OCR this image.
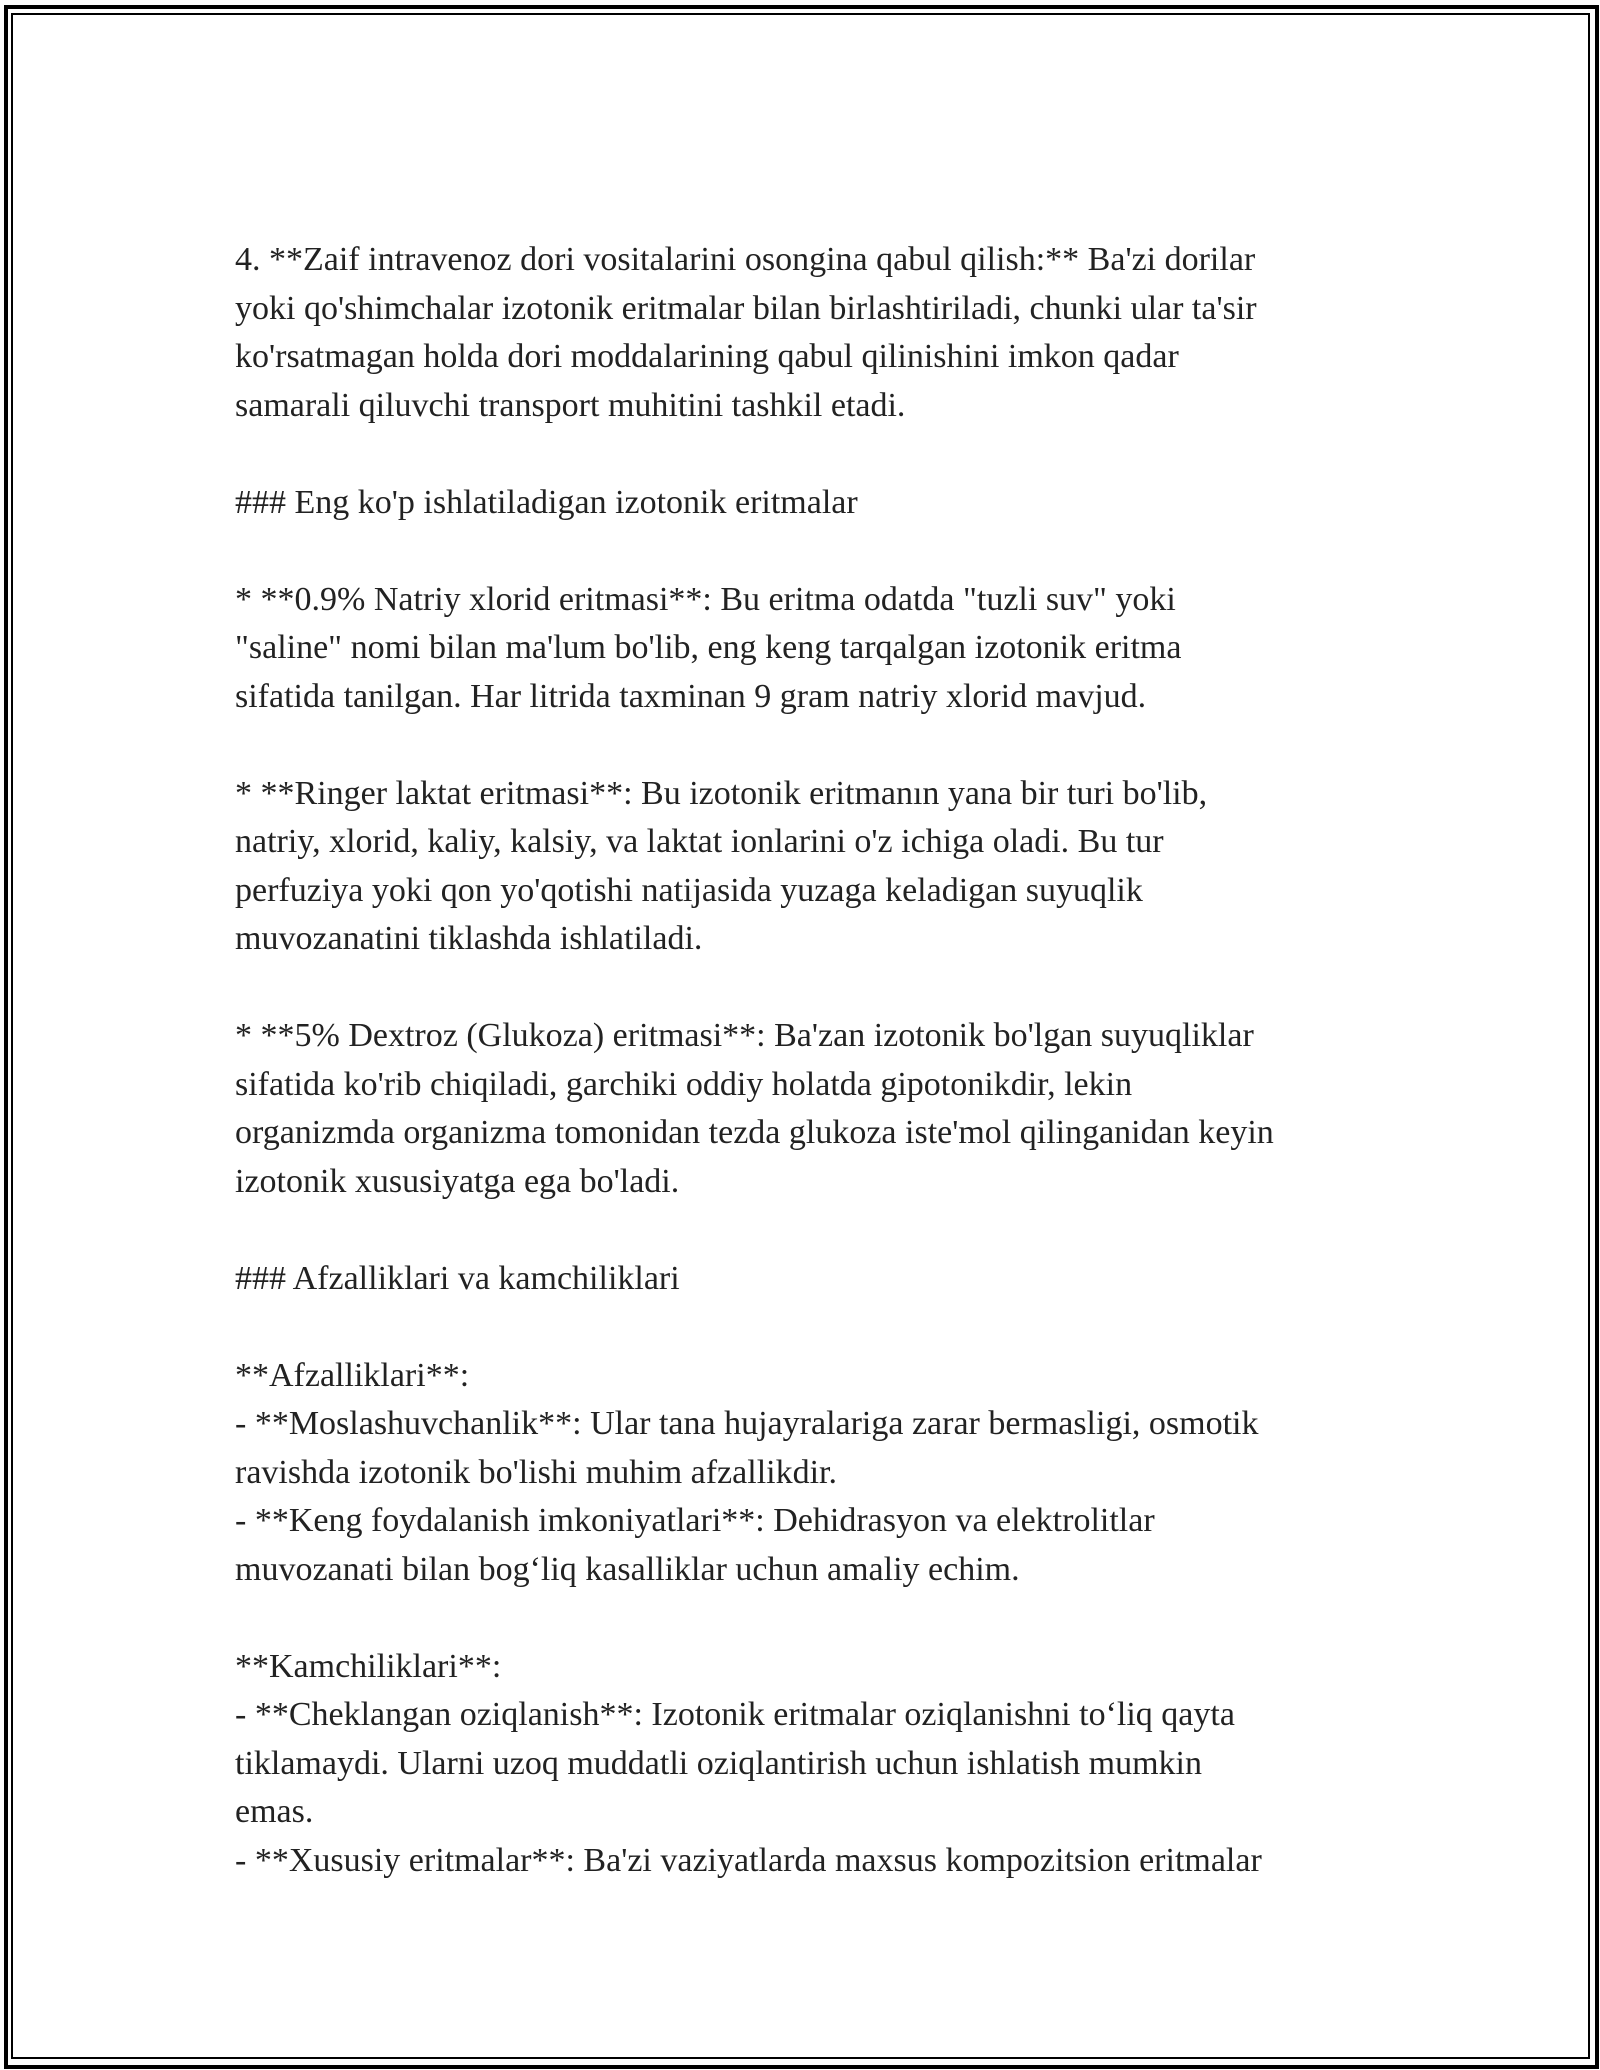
4. **Zaif intravenoz dori vositalarini osongina qabul qilish:** Ba'zi dorilar
yoki qo'shimchalar izotonik eritmalar bilan birlashtiriladi, chunki ular ta'sir
ko'rsatmagan holda dori moddalarining qabul qilinishini imkon qadar
samarali qiluvchi transport muhitini tashkil etadi.
### Eng ko'p ishlatiladigan izotonik eritmalar
* **0.9% Natriy xlorid eritmasi**: Bu eritma odatda "tuzli suv" yoki
"saline" nomi bilan ma'lum bo'lib, eng keng tarqalgan izotonik eritma
sifatida tanilgan. Har litrida taxminan 9 gram natriy xlorid mavjud.
* **Ringer laktat eritmasi**: Bu izotonik eritmanın yana bir turi bo'lib,
natriy, xlorid, kaliy, kalsiy, va laktat ionlarini o'z ichiga oladi. Bu tur
perfuziya yoki qon yo'qotishi natijasida yuzaga keladigan suyuqlik
muvozanatini tiklashda ishlatiladi.
* **5% Dextroz (Glukoza) eritmasi**: Ba'zan izotonik bo'lgan suyuqliklar
sifatida ko'rib chiqiladi, garchiki oddiy holatda gipotonikdir, lekin
organizmda organizma tomonidan tezda glukoza iste'mol qilinganidan keyin
izotonik xususiyatga ega bo'ladi.
### Afzalliklari va kamchiliklari
**Afzalliklari**:
- **Moslashuvchanlik**: Ular tana hujayralariga zarar bermasligi, osmotik
ravishda izotonik bo'lishi muhim afzallikdir.
- **Keng foydalanish imkoniyatlari**: Dehidrasyon va elektrolitlar
muvozanati bilan bog‘liq kasalliklar uchun amaliy echim.
**Kamchiliklari**:
- **Cheklangan oziqlanish**: Izotonik eritmalar oziqlanishni to‘liq qayta
tiklamaydi. Ularni uzoq muddatli oziqlantirish uchun ishlatish mumkin
emas.
- **Xususiy eritmalar**: Ba'zi vaziyatlarda maxsus kompozitsion eritmalar
